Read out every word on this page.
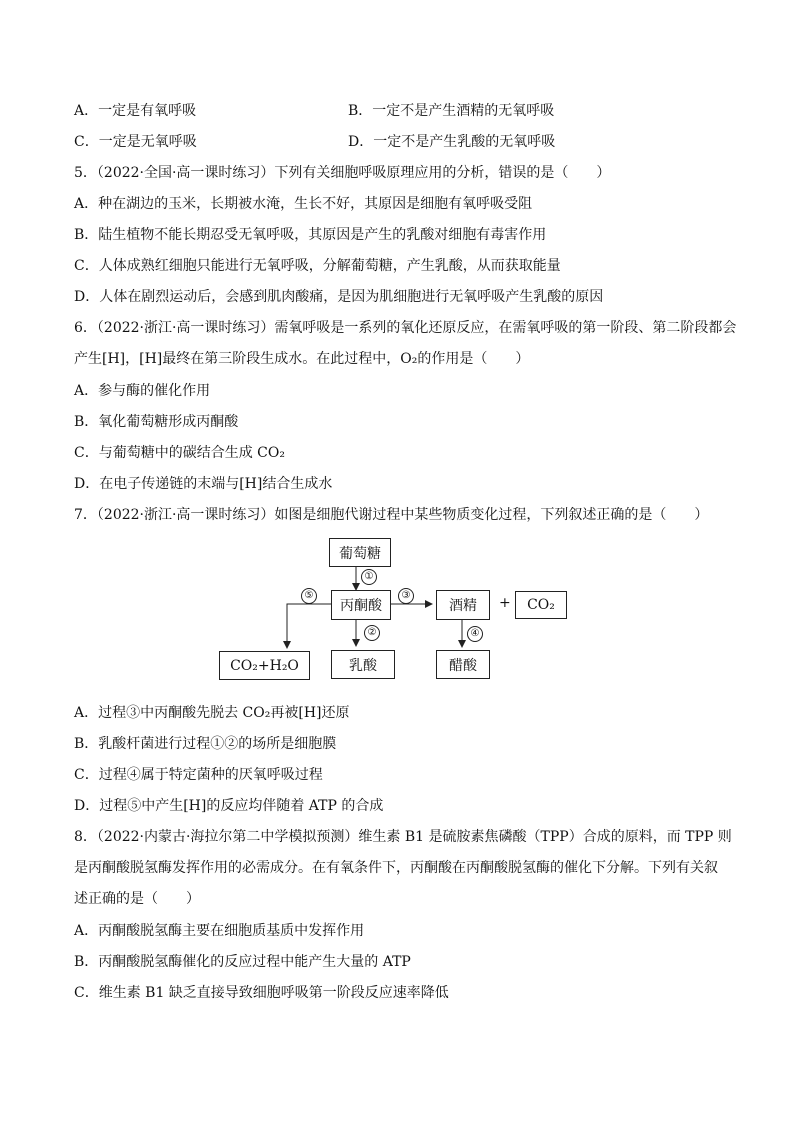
A．一定是有氧呼吸	B．一定不是产生酒精的无氧呼吸
C．一定是无氧呼吸	D．一定不是产生乳酸的无氧呼吸
5．（2022·全国·高一课时练习）下列有关细胞呼吸原理应用的分析，错误的是（　　）
A．种在湖边的玉米，长期被水淹，生长不好，其原因是细胞有氧呼吸受阻
B．陆生植物不能长期忍受无氧呼吸，其原因是产生的乳酸对细胞有毒害作用
C．人体成熟红细胞只能进行无氧呼吸，分解葡萄糖，产生乳酸，从而获取能量
D．人体在剧烈运动后，会感到肌肉酸痛，是因为肌细胞进行无氧呼吸产生乳酸的原因
6．（2022·浙江·高一课时练习）需氧呼吸是一系列的氧化还原反应，在需氧呼吸的第一阶段、第二阶段都会
产生[H]，[H]最终在第三阶段生成水。在此过程中，O₂的作用是（　　）
A．参与酶的催化作用
B．氧化葡萄糖形成丙酮酸
C．与葡萄糖中的碳结合生成 CO₂
D．在电子传递链的末端与[H]结合生成水
7．（2022·浙江·高一课时练习）如图是细胞代谢过程中某些物质变化过程，下列叙述正确的是（　　）
葡萄糖
丙酮酸	酒精 + CO₂
CO₂+H₂O	乳酸	醋酸
①
②
③
④
⑤
A．过程③中丙酮酸先脱去 CO₂再被[H]还原
B．乳酸杆菌进行过程①②的场所是细胞膜
C．过程④属于特定菌种的厌氧呼吸过程
D．过程⑤中产生[H]的反应均伴随着 ATP 的合成
8．（2022·内蒙古·海拉尔第二中学模拟预测）维生素 B1 是硫胺素焦磷酸（TPP）合成的原料，而 TPP 则
是丙酮酸脱氢酶发挥作用的必需成分。在有氧条件下，丙酮酸在丙酮酸脱氢酶的催化下分解。下列有关叙
述正确的是（　　）
A．丙酮酸脱氢酶主要在细胞质基质中发挥作用
B．丙酮酸脱氢酶催化的反应过程中能产生大量的 ATP
C．维生素 B1 缺乏直接导致细胞呼吸第一阶段反应速率降低
